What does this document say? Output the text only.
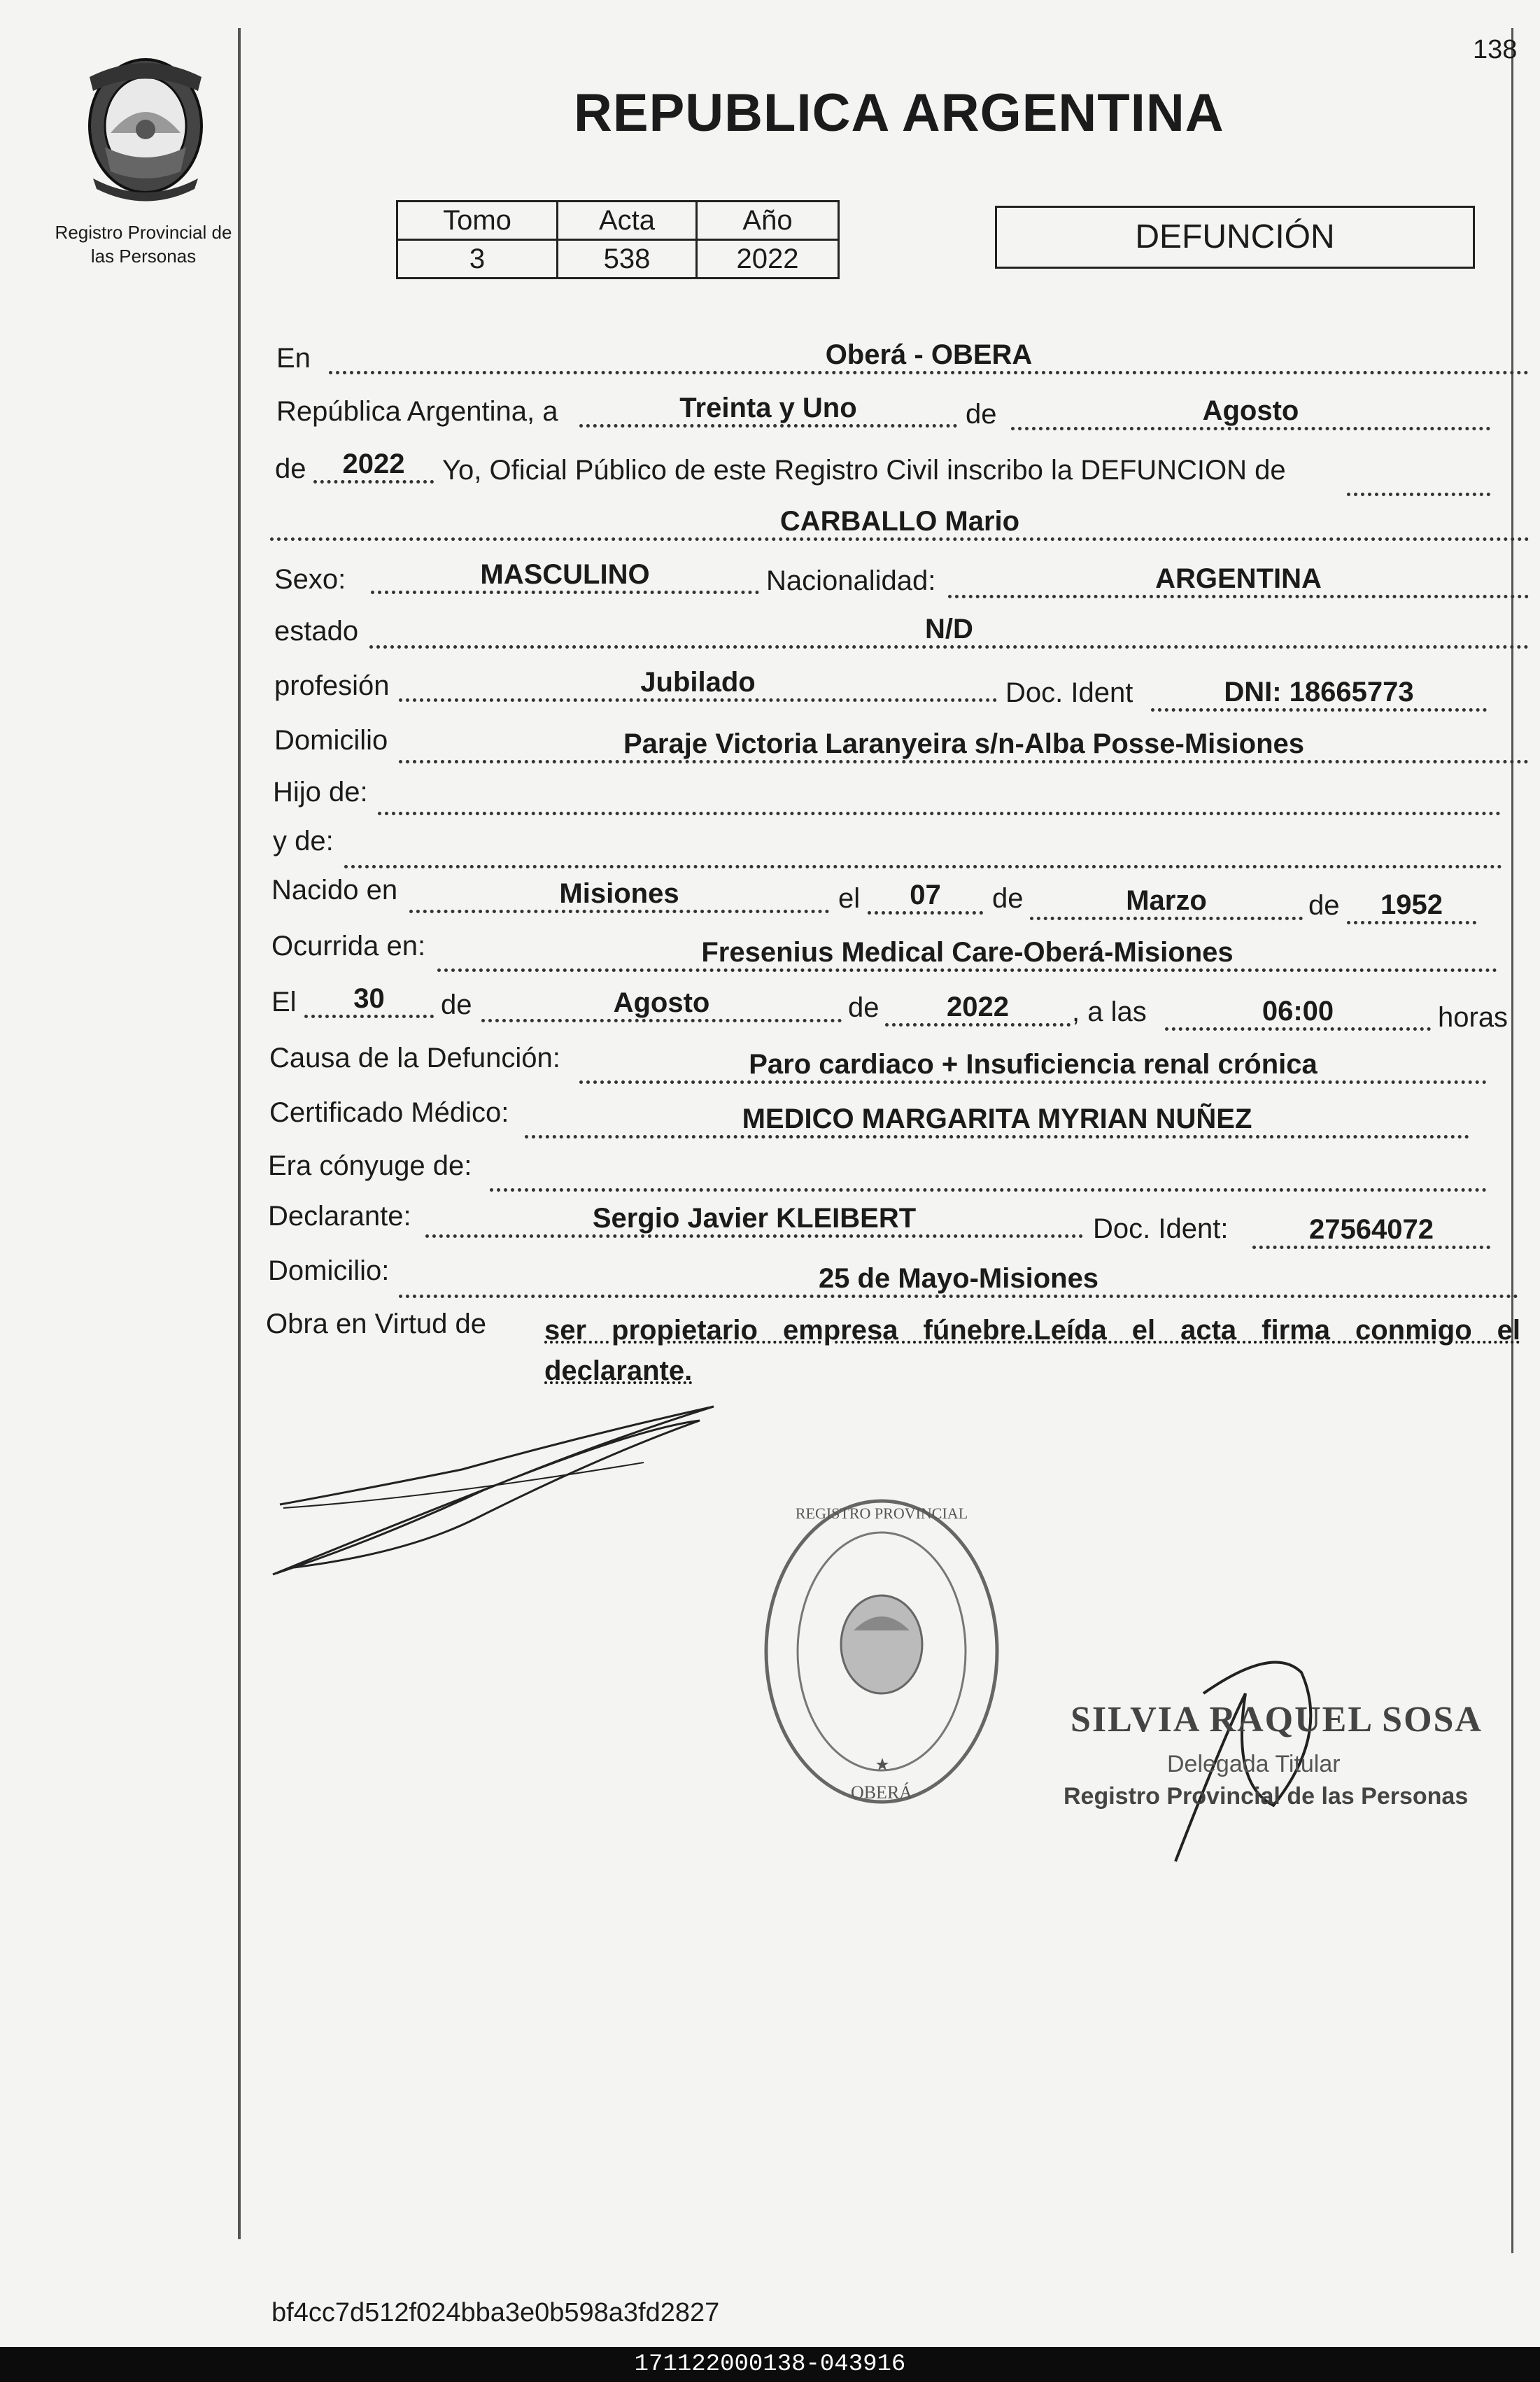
Registro Provincial de
las Personas
138
REPUBLICA ARGENTINA
Tomo	Acta	Año
3	538	2022
DEFUNCIÓN
En	Oberá - OBERA
República Argentina, a	Treinta y Uno	de	Agosto
de	2022	Yo, Oficial Público de este Registro Civil inscribo la DEFUNCION de
CARBALLO Mario
Sexo:	MASCULINO	Nacionalidad:	ARGENTINA
estado	N/D
profesión	Jubilado	Doc. Ident	DNI: 18665773
Domicilio	Paraje Victoria Laranyeira s/n-Alba Posse-Misiones
Hijo de:
y de:
Nacido en	Misiones	el	07	de	Marzo	de	1952
Ocurrida en:	Fresenius Medical Care-Oberá-Misiones
El	30	de	Agosto	de	2022	, a las	06:00	horas
Causa de la Defunción:	Paro cardiaco + Insuficiencia renal crónica
Certificado Médico:	MEDICO MARGARITA MYRIAN NUÑEZ
Era cónyuge de:
Declarante:	Sergio Javier KLEIBERT	Doc. Ident:	27564072
Domicilio:	25 de Mayo-Misiones
Obra en Virtud de ser propietario empresa fúnebre.Leída el acta firma conmigo el declarante.
REGISTRO PROVINCIAL
OBERÁ
SILVIA RAQUEL SOSA
Delegada Titular
Registro Provincial de las Personas
bf4cc7d512f024bba3e0b598a3fd2827
171122000138-043916
